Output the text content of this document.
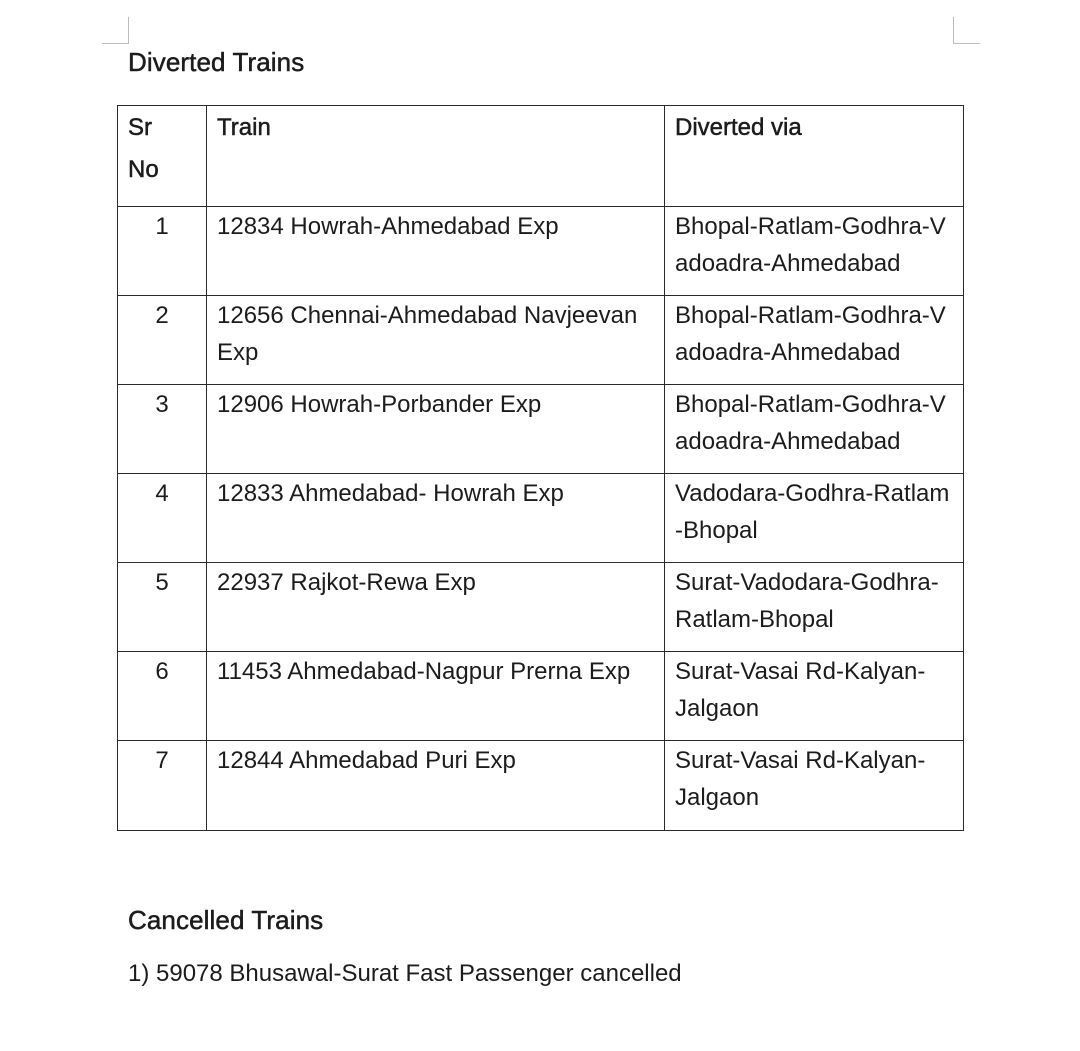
Diverted Trains
Sr No	Train	Diverted via
1	12834 Howrah-Ahmedabad Exp	Bhopal-Ratlam-Godhra-Vadoadra-Ahmedabad
2	12656 Chennai-Ahmedabad Navjeevan Exp	Bhopal-Ratlam-Godhra-Vadoadra-Ahmedabad
3	12906 Howrah-Porbander Exp	Bhopal-Ratlam-Godhra-Vadoadra-Ahmedabad
4	12833 Ahmedabad- Howrah Exp	Vadodara-Godhra-Ratlam-Bhopal
5	22937 Rajkot-Rewa Exp	Surat-Vadodara-Godhra-Ratlam-Bhopal
6	11453 Ahmedabad-Nagpur Prerna Exp	Surat-Vasai Rd-Kalyan-Jalgaon
7	12844 Ahmedabad Puri Exp	Surat-Vasai Rd-Kalyan-Jalgaon
Cancelled Trains

1) 59078 Bhusawal-Surat Fast Passenger cancelled
